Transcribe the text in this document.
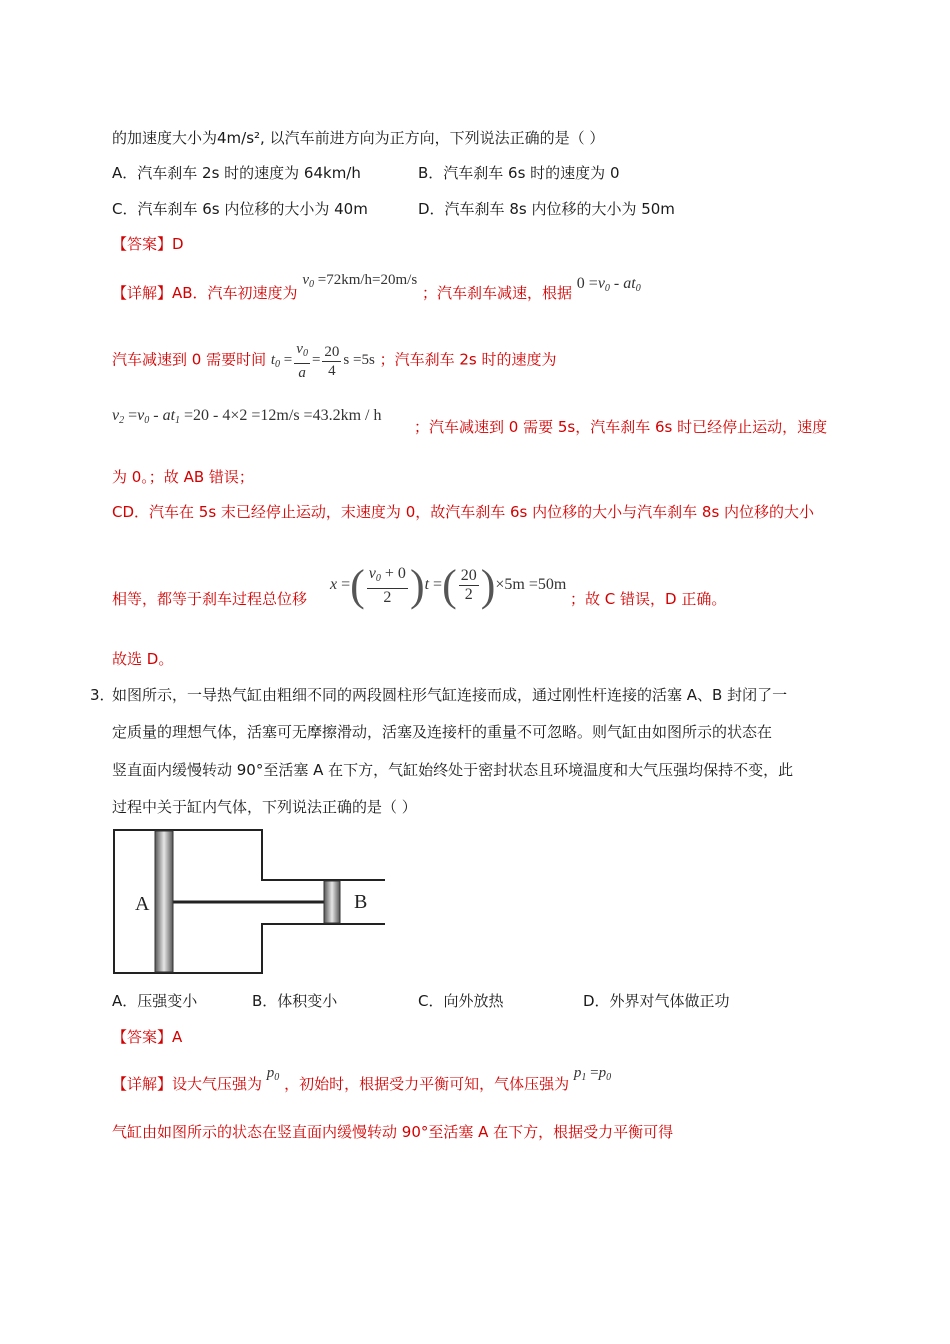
的加速度大小为4m/s², 以汽车前进方向为正方向，下列说法正确的是（ ）
A．汽车刹车 2s 时的速度为 64km/h	B．汽车刹车 6s 时的速度为 0
C．汽车刹车 6s 内位移的大小为 40m	D．汽车刹车 8s 内位移的大小为 50m
【答案】D
【详解】AB．汽车初速度为 $v_0 =72km/h=20m/s$ ；汽车刹车减速，根据 $0 =v_0 - at_0$
汽车减速到 0 需要时间 $t_0 = \frac{v_0}{a} = \frac{20}{4}$ s =5s ；汽车刹车 2s 时的速度为
$v_2 =v_0 - at_1 =20 - 4\times 2 =12m/s =43.2km / h$
；汽车减速到 0 需要 5s，汽车刹车 6s 时已经停止运动，速度
为 0。；故 AB 错误；
CD．汽车在 5s 末已经停止运动，末速度为 0，故汽车刹车 6s 内位移的大小与汽车刹车 8s 内位移的大小
相等，都等于刹车过程总位移
x =( $\frac{v_0 + 0}{2} )t$ =( $\frac{20}{2} )\times 5m =50m$
；故 C 错误，D 正确。
故选 D。
3．
如图所示，一导热气缸由粗细不同的两段圆柱形气缸连接而成，通过刚性杆连接的活塞 A、B 封闭了一
定质量的理想气体，活塞可无摩擦滑动，活塞及连接杆的重量不可忽略。则气缸由如图所示的状态在
竖直面内缓慢转动 90°至活塞 A 在下方，气缸始终处于密封状态且环境温度和大气压强均保持不变，此
过程中关于缸内气体，下列说法正确的是（ ）
A	B
A．压强变小	B．体积变小	C．向外放热	D．外界对气体做正功
【答案】A
【详解】设大气压强为 $p_0$ ，初始时，根据受力平衡可知，气体压强为 $p_1 =p_0$
气缸由如图所示的状态在竖直面内缓慢转动 90°至活塞 A 在下方，根据受力平衡可得
